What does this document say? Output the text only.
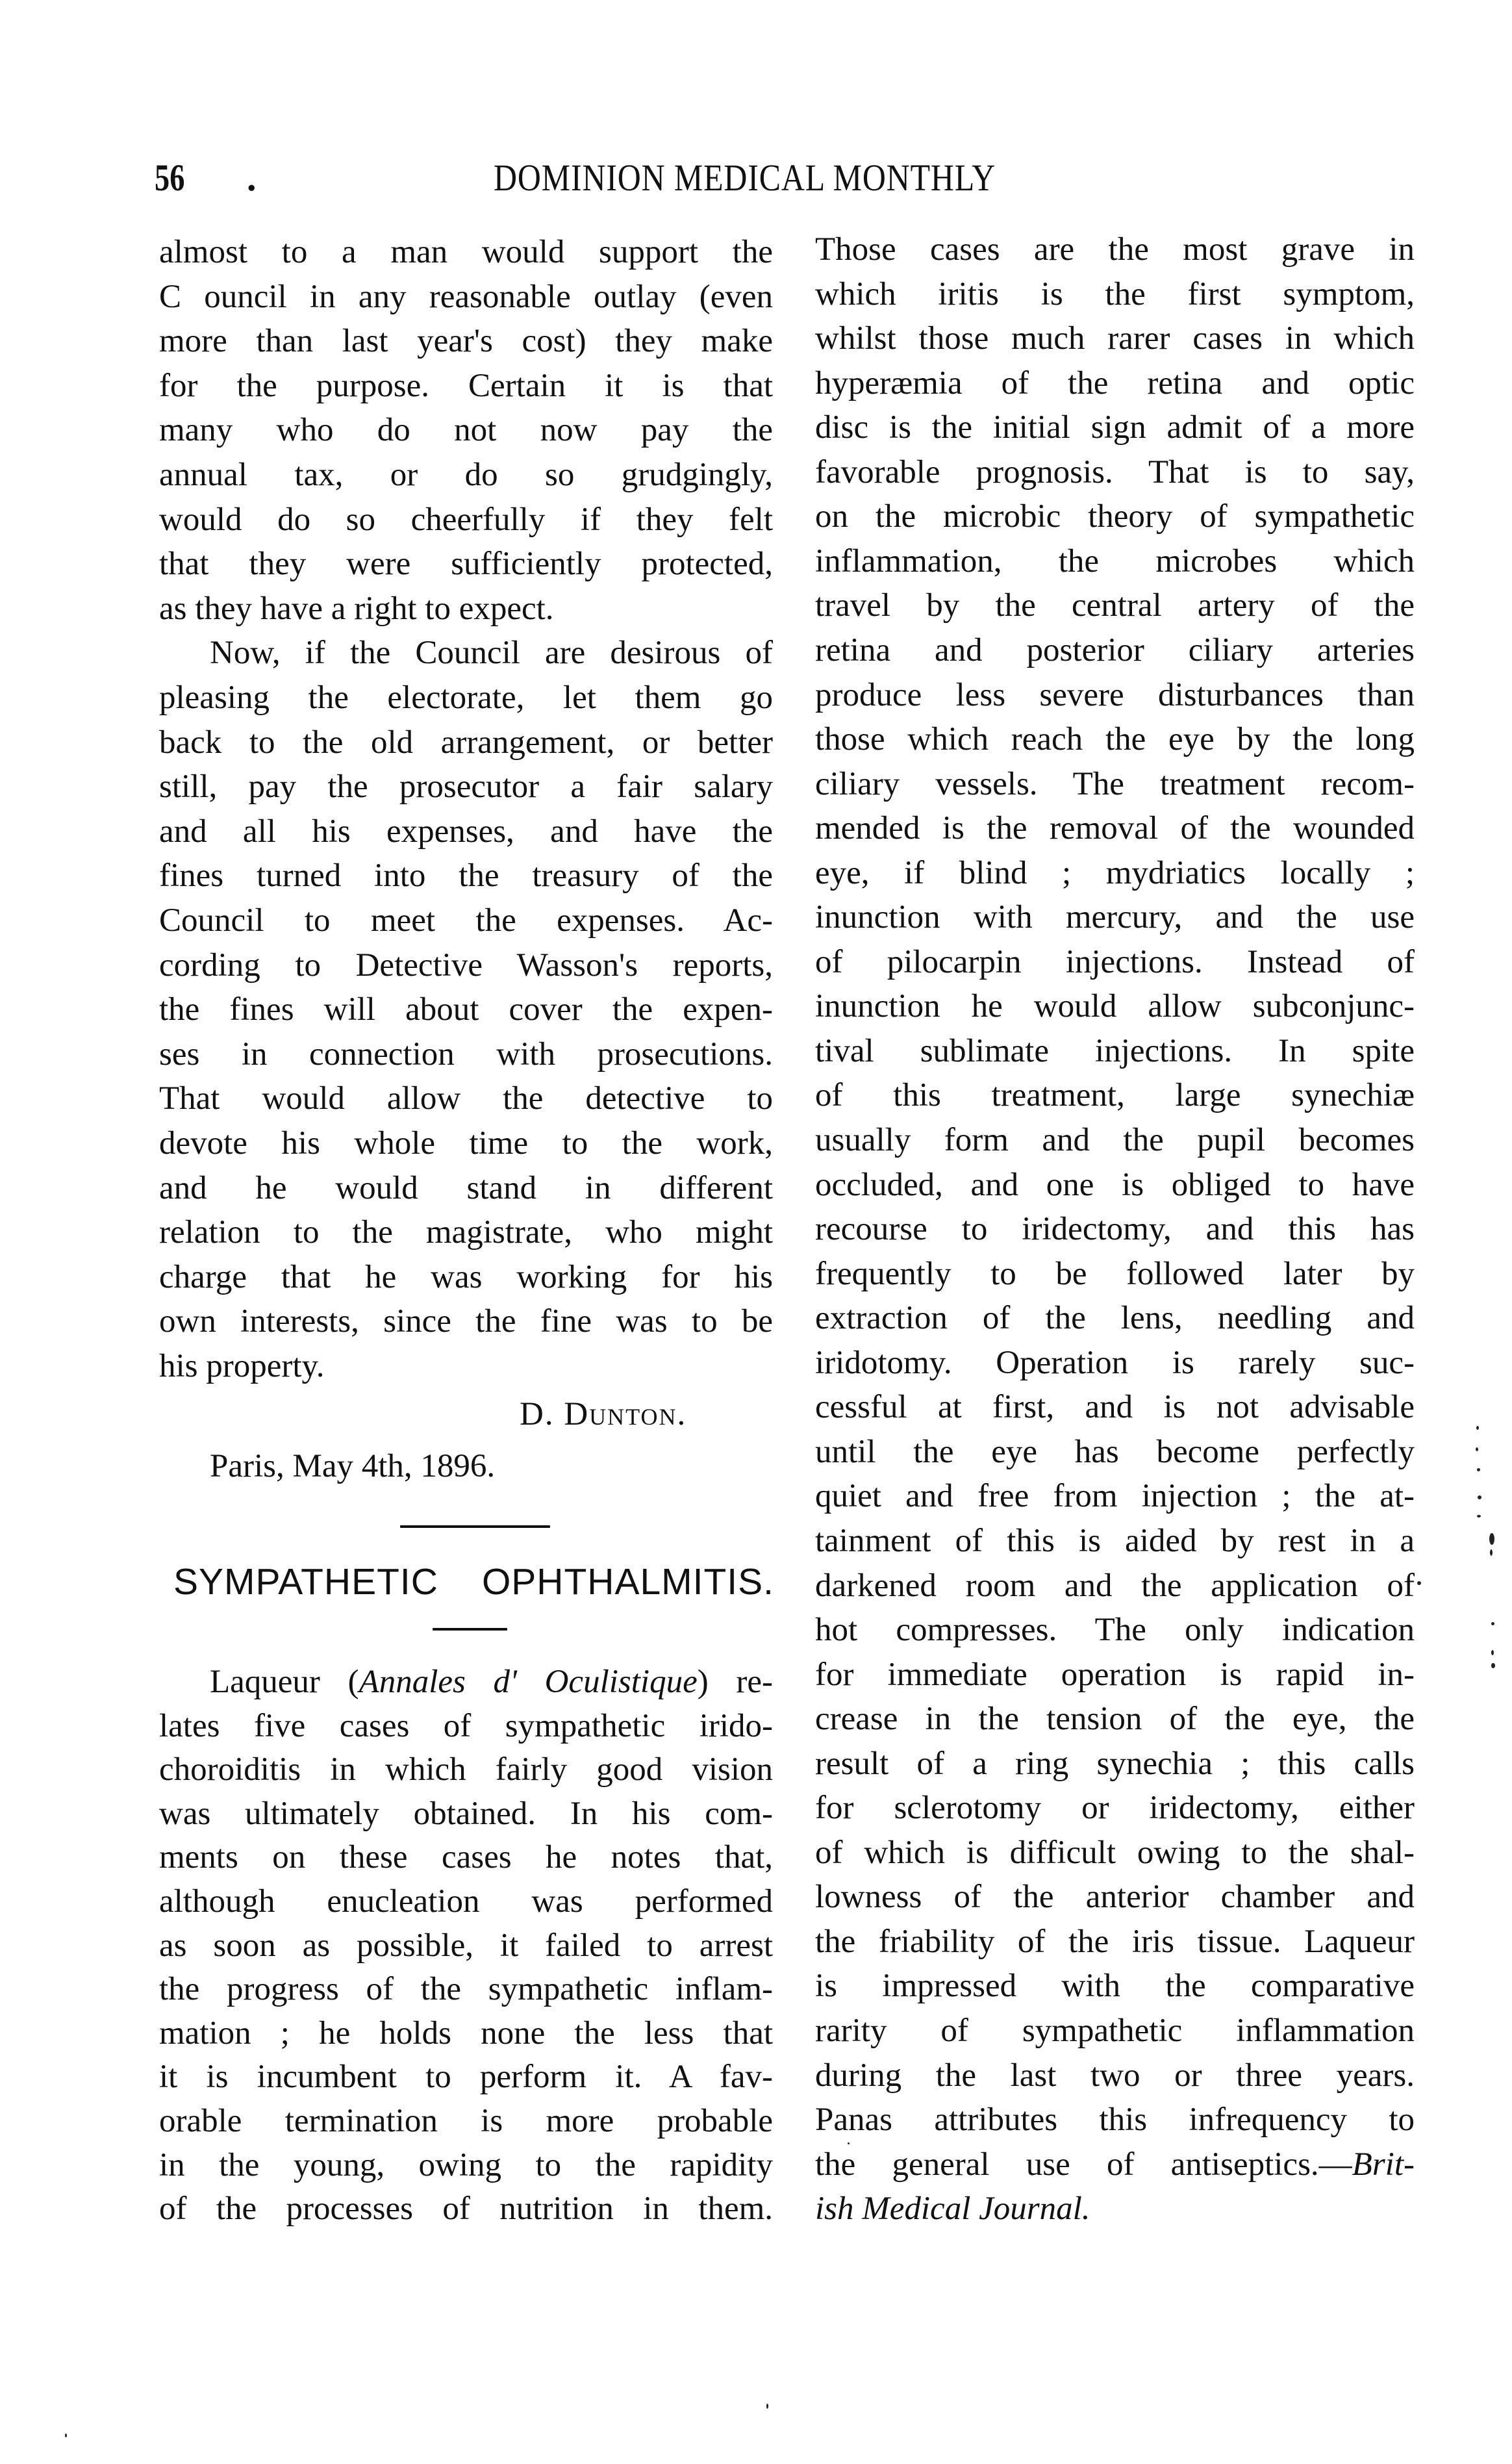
56 .	DOMINION MEDICAL MONTHLY
almost to a man would support the
C ouncil in any reasonable outlay (even
more than last year's cost) they make
for the purpose. Certain it is that
many who do not now pay the
annual tax, or do so grudgingly,
would do so cheerfully if they felt
that they were sufficiently protected,
as they have a right to expect.
Now, if the Council are desirous of
pleasing the electorate, let them go
back to the old arrangement, or better
still, pay the prosecutor a fair salary
and all his expenses, and have the
fines turned into the treasury of the
Council to meet the expenses. Ac-
cording to Detective Wasson's reports,
the fines will about cover the expen-
ses in connection with prosecutions.
That would allow the detective to
devote his whole time to the work,
and he would stand in different
relation to the magistrate, who might
charge that he was working for his
own interests, since the fine was to be
his property.
D. Dunton.
Paris, May 4th, 1896.
SYMPATHETIC OPHTHALMITIS.
Laqueur (Annales d' Oculistique) re-
lates five cases of sympathetic irido-
choroiditis in which fairly good vision
was ultimately obtained. In his com-
ments on these cases he notes that,
although enucleation was performed
as soon as possible, it failed to arrest
the progress of the sympathetic inflam-
mation ; he holds none the less that
it is incumbent to perform it. A fav-
orable termination is more probable
in the young, owing to the rapidity
of the processes of nutrition in them.
Those cases are the most grave in
which iritis is the first symptom,
whilst those much rarer cases in which
hyperæmia of the retina and optic
disc is the initial sign admit of a more
favorable prognosis. That is to say,
on the microbic theory of sympathetic
inflammation, the microbes which
travel by the central artery of the
retina and posterior ciliary arteries
produce less severe disturbances than
those which reach the eye by the long
ciliary vessels. The treatment recom-
mended is the removal of the wounded
eye, if blind ; mydriatics locally ;
inunction with mercury, and the use
of pilocarpin injections. Instead of
inunction he would allow subconjunc-
tival sublimate injections. In spite
of this treatment, large synechiæ
usually form and the pupil becomes
occluded, and one is obliged to have
recourse to iridectomy, and this has
frequently to be followed later by
extraction of the lens, needling and
iridotomy. Operation is rarely suc-
cessful at first, and is not advisable
until the eye has become perfectly
quiet and free from injection ; the at-
tainment of this is aided by rest in a
darkened room and the application of
hot compresses. The only indication
for immediate operation is rapid in-
crease in the tension of the eye, the
result of a ring synechia ; this calls
for sclerotomy or iridectomy, either
of which is difficult owing to the shal-
lowness of the anterior chamber and
the friability of the iris tissue. Laqueur
is impressed with the comparative
rarity of sympathetic inflammation
during the last two or three years.
Panas attributes this infrequency to
the general use of antiseptics.—Brit-
ish Medical Journal.
